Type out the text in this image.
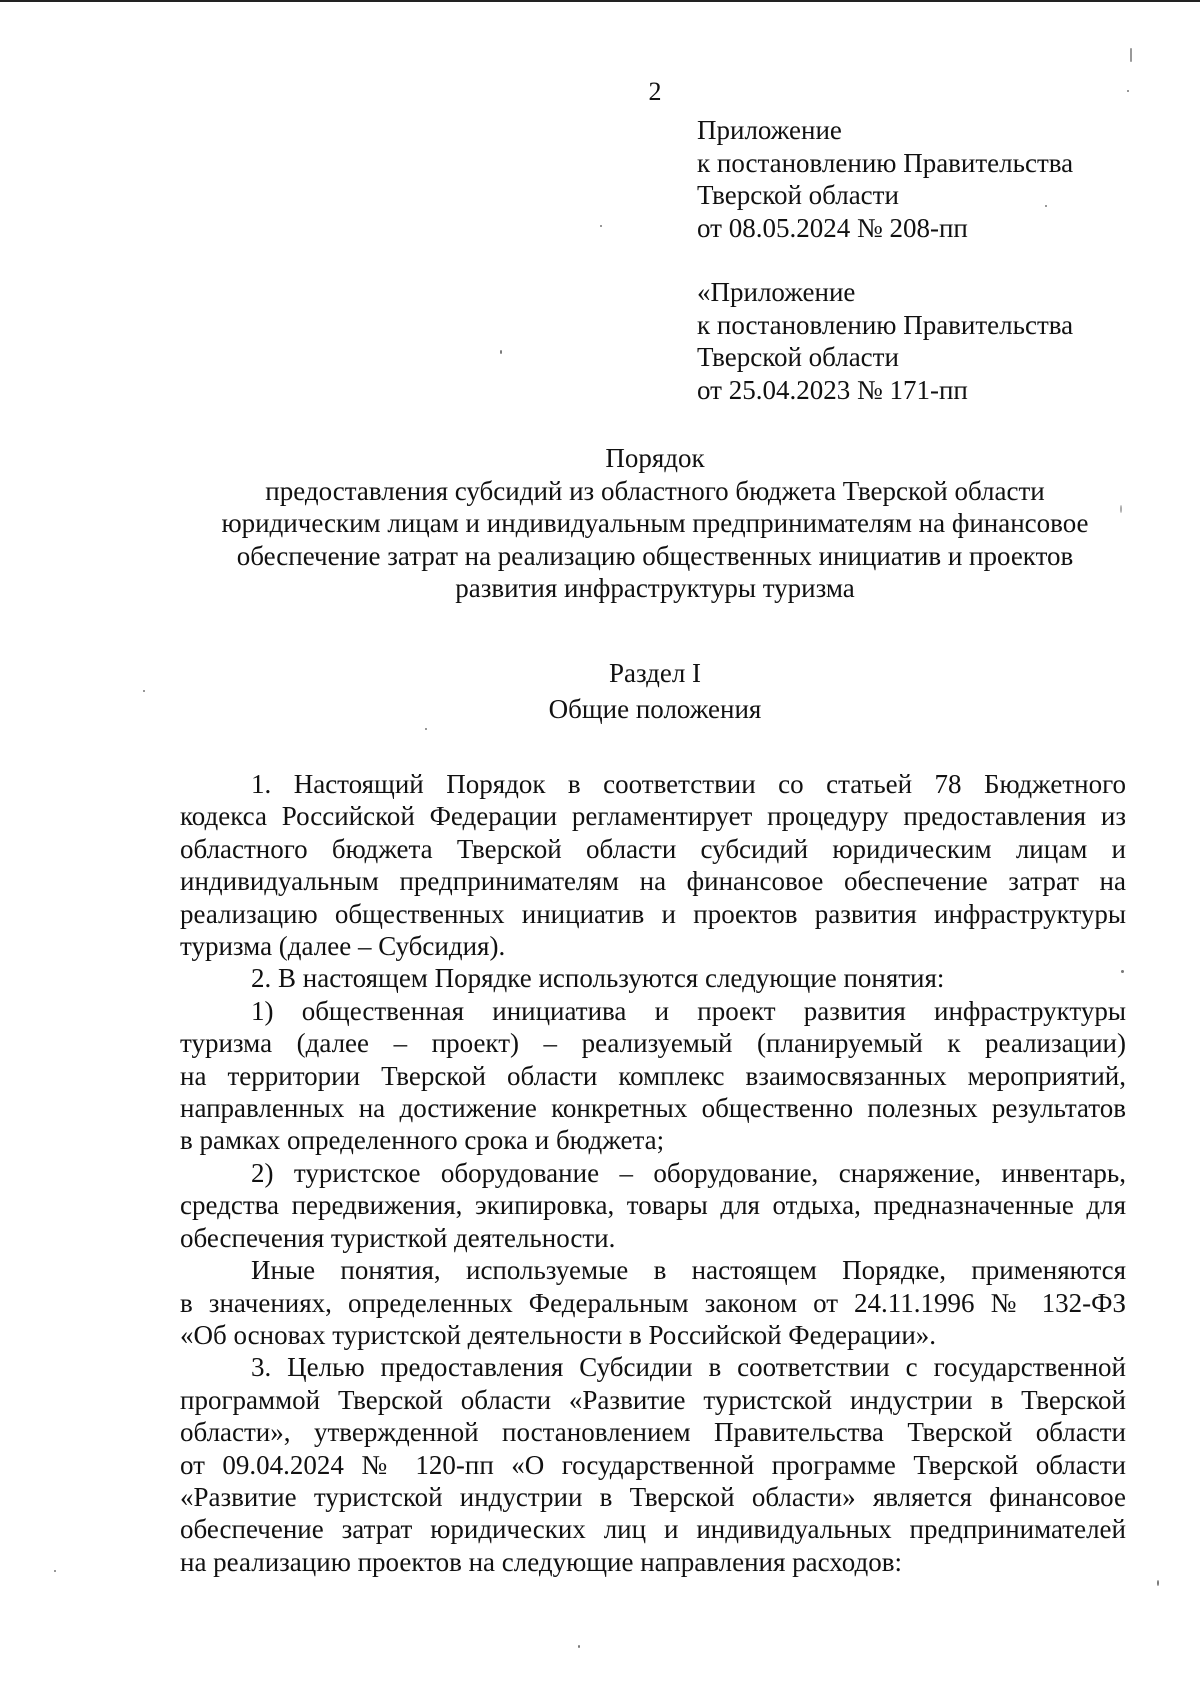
2
Приложение
к постановлению Правительства
Тверской области
от 08.05.2024 № 208-пп
«Приложение
к постановлению Правительства
Тверской области
от 25.04.2023 № 171-пп
Порядок
предоставления субсидий из областного бюджета Тверской области
юридическим лицам и индивидуальным предпринимателям на финансовое
обеспечение затрат на реализацию общественных инициатив и проектов
развития инфраструктуры туризма
Раздел I
Общие положения
1. Настоящий Порядок в соответствии со статьей 78 Бюджетного
кодекса Российской Федерации регламентирует процедуру предоставления из
областного бюджета Тверской области субсидий юридическим лицам и
индивидуальным предпринимателям на финансовое обеспечение затрат на
реализацию общественных инициатив и проектов развития инфраструктуры
туризма (далее – Субсидия).
2. В настоящем Порядке используются следующие понятия:
1) общественная инициатива и проект развития инфраструктуры
туризма (далее – проект) – реализуемый (планируемый к реализации)
на территории Тверской области комплекс взаимосвязанных мероприятий,
направленных на достижение конкретных общественно полезных результатов
в рамках определенного срока и бюджета;
2) туристское оборудование – оборудование, снаряжение, инвентарь,
средства передвижения, экипировка, товары для отдыха, предназначенные для
обеспечения туристкой деятельности.
Иные понятия, используемые в настоящем Порядке, применяются
в значениях, определенных Федеральным законом от 24.11.1996 № 132-ФЗ
«Об основах туристской деятельности в Российской Федерации».
3. Целью предоставления Субсидии в соответствии с государственной
программой Тверской области «Развитие туристской индустрии в Тверской
области», утвержденной постановлением Правительства Тверской области
от 09.04.2024 № 120-пп «О государственной программе Тверской области
«Развитие туристской индустрии в Тверской области» является финансовое
обеспечение затрат юридических лиц и индивидуальных предпринимателей
на реализацию проектов на следующие направления расходов:
